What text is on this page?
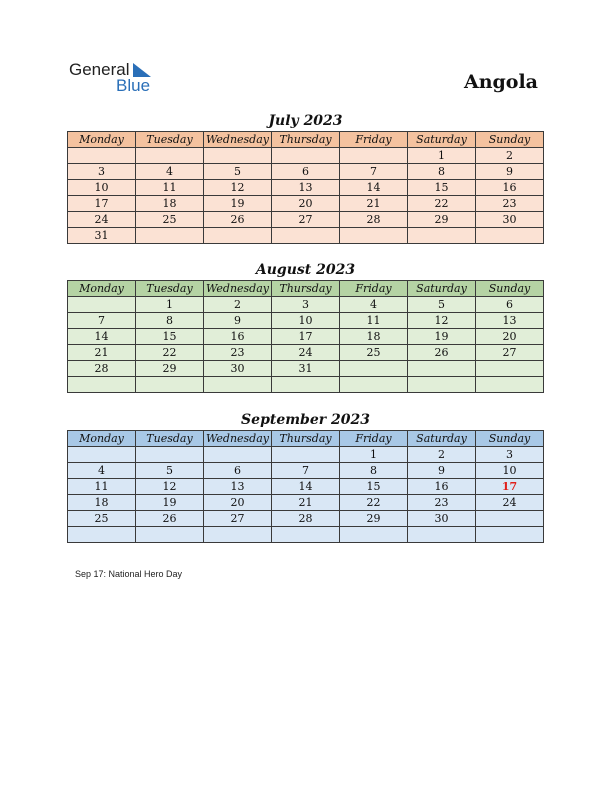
General
Blue	Angola
July 2023
Monday	Tuesday	Wednesday	Thursday	Friday	Saturday	Sunday
					1	2
3	4	5	6	7	8	9
10	11	12	13	14	15	16
17	18	19	20	21	22	23
24	25	26	27	28	29	30
31						
August 2023
Monday	Tuesday	Wednesday	Thursday	Friday	Saturday	Sunday
	1	2	3	4	5	6
7	8	9	10	11	12	13
14	15	16	17	18	19	20
21	22	23	24	25	26	27
28	29	30	31			

September 2023
Monday	Tuesday	Wednesday	Thursday	Friday	Saturday	Sunday
				1	2	3
4	5	6	7	8	9	10
11	12	13	14	15	16	17
18	19	20	21	22	23	24
25	26	27	28	29	30	

Sep 17: National Hero Day
